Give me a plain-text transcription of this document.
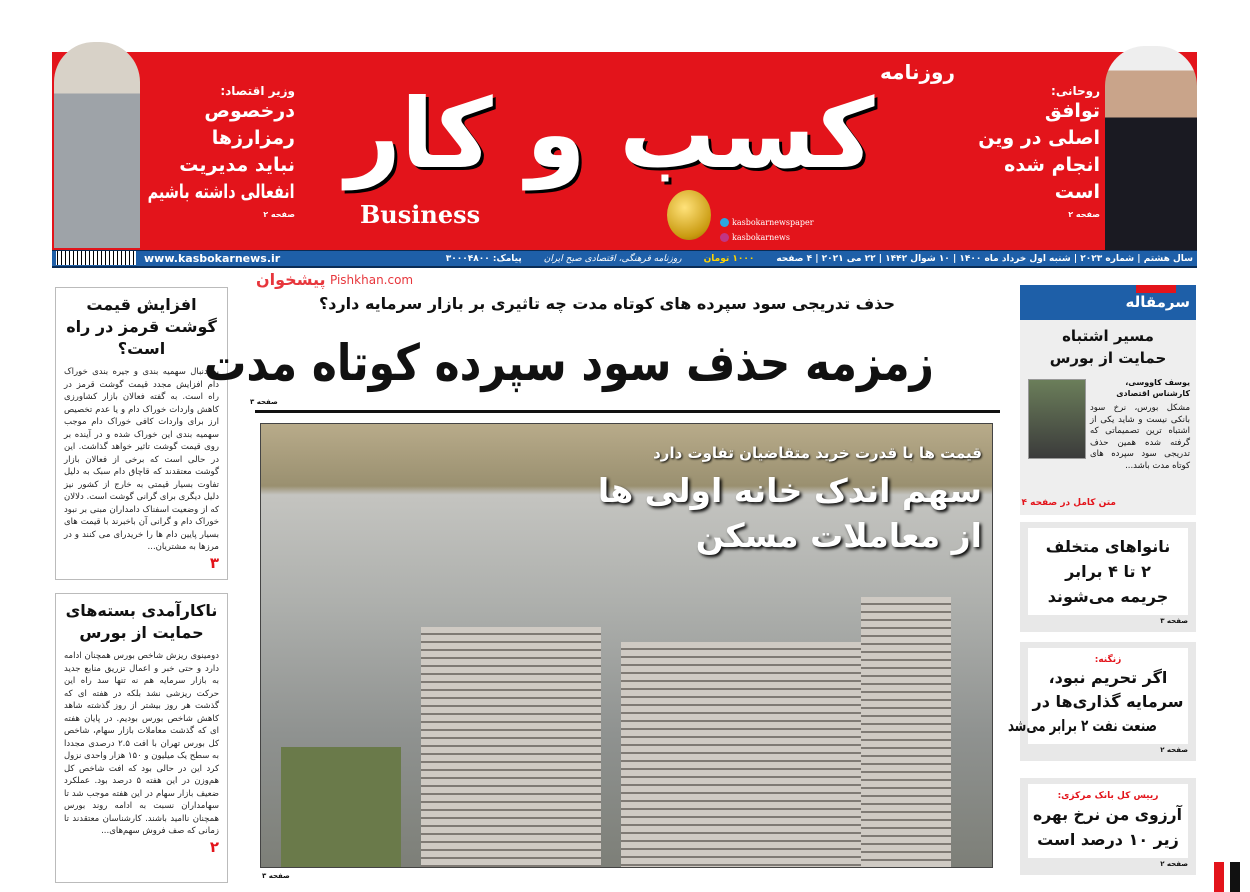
کسب و کار
روزنامه
Business	kasbokarnewspaper
kasbokarnews
وزیر اقتصاد:
درخصوص
رمزارزها
نباید مدیریت
انفعالی داشته باشیم
صفحه ۲
روحانی:
توافق
اصلی در وین
انجام شده
است
صفحه ۲
سال هشتم | شماره ۲۰۲۳ | شنبه اول خرداد ماه ۱۴۰۰ | ۱۰ شوال ۱۴۴۲ | ۲۲ می ۲۰۲۱ | ۴ صفحه
۱۰۰۰ تومان
روزنامه فرهنگی، اقتصادی صبح ایران
پیامک: ۳۰۰۰۴۸۰۰
www.kasbokarnews.ir
افزایش قیمت
گوشت قرمز در راه است؟

به دنبال سهمیه بندی و جیره بندی خوراک دام افزایش مجدد قیمت گوشت قرمز در راه است. به گفته فعالان بازار کشاورزی کاهش واردات خوراک دام و یا عدم تخصیص ارز برای واردات کافی خوراک دام موجب سهمیه بندی این خوراک شده و در آینده بر روی قیمت گوشت تاثیر خواهد گذاشت. این در حالی است که برخی از فعالان بازار گوشت معتقدند که قاچاق دام سبک به دلیل تفاوت بسیار قیمتی به خارج از کشور نیز دلیل دیگری برای گرانی گوشت است. دلالان که از وضعیت اسفناک دامداران مبنی بر نبود خوراک دام و گرانی آن باخبرند با قیمت های بسیار پایین دام ها را خریدرای می کنند و در مرزها به مشتریان...

۳
ناکارآمدی بسته‌های
حمایت از بورس

دومینوی ریزش شاخص بورس همچنان ادامه دارد و حتی خبر و اعمال تزریق منابع جدید به بازار سرمایه هم نه تنها سد راه این حرکت ریزشی نشد بلکه در هفته ای که گذشت هر روز بیشتر از روز گذشته شاهد کاهش شاخص بورس بودیم. در پایان هفته ای که گذشت معاملات بازار سهام، شاخص کل بورس تهران با افت ۲.۵ درصدی مجددا به سطح یک میلیون و ۱۵۰ هزار واحدی نزول کرد این در حالی بود که افت شاخص کل هم‌وزن در این هفته ۵ درصد بود. عملکرد ضعیف بازار سهام در این هفته موجب شد تا سهامداران نسبت به ادامه روند بورس همچنان ناامید باشند. کارشناسان معتقدند تا زمانی که صف فروش سهم‌های...

۲
پیشخوان Pishkhan.com
حذف تدریجی سود سپرده های کوتاه مدت چه تاثیری بر بازار سرمایه دارد؟
زمزمه حذف سود سپرده کوتاه مدت
صفحه ۳
قیمت ها با قدرت خرید متقاضیان تفاوت دارد
سهم اندک خانه اولی ها
از معاملات مسکن
صفحه ۳
سرمقاله
مسیر اشتباه
حمایت از بورس
یوسف کاووسی، کارشناس اقتصادی
مشکل بورس، نرخ سود بانکی نیست و شاید یکی از اشتباه ترین تصمیماتی که گرفته شده همین حذف تدریجی سود سپرده های کوتاه مدت باشد...
متن کامل در صفحه ۴
نانواهای متخلف
۲ تا ۴ برابر
جریمه می‌شوند
صفحه ۳
زنگنه:
اگر تحریم نبود،
سرمایه گذاری‌ها در
صنعت نفت ۲ برابر می‌شد
صفحه ۲
رییس کل بانک مرکزی:
آرزوی من نرخ بهره
زیر ۱۰ درصد است
صفحه ۲
